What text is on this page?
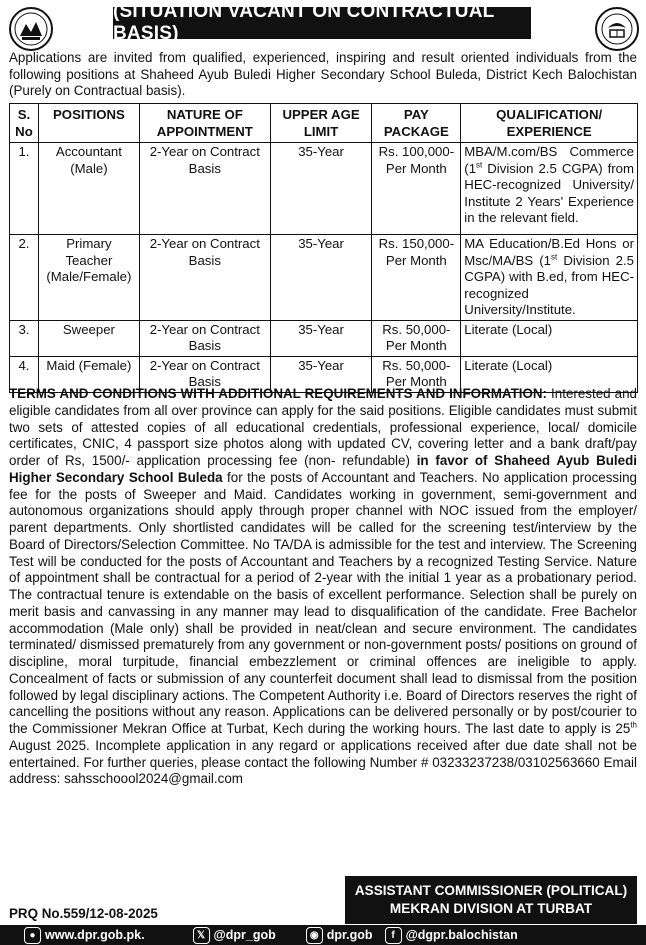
(SITUATION VACANT ON CONTRACTUAL BASIS)
Applications are invited from qualified, experienced, inspiring and result oriented individuals from the following positions at Shaheed Ayub Buledi Higher Secondary School Buleda, District Kech Balochistan (Purely on Contractual basis).
S. No	POSITIONS	NATURE OF APPOINTMENT	UPPER AGE LIMIT	PAY PACKAGE	QUALIFICATION/ EXPERIENCE
1.	Accountant (Male)	2-Year on Contract Basis	35-Year	Rs. 100,000- Per Month	MBA/M.com/BS Commerce (1st Division 2.5 CGPA) from HEC-recognized University/ Institute 2 Years' Experience in the relevant field.
2.	Primary Teacher (Male/Female)	2-Year on Contract Basis	35-Year	Rs. 150,000- Per Month	MA Education/B.Ed Hons or Msc/MA/BS (1st Division 2.5 CGPA) with B.ed, from HEC-recognized University/Institute.
3.	Sweeper	2-Year on Contract Basis	35-Year	Rs. 50,000- Per Month	Literate (Local)
4.	Maid (Female)	2-Year on Contract Basis	35-Year	Rs. 50,000- Per Month	Literate (Local)
TERMS AND CONDITIONS WITH ADDITIONAL REQUIREMENTS AND INFORMATION: Interested and eligible candidates from all over province can apply for the said positions. Eligible candidates must submit two sets of attested copies of all educational credentials, professional experience, local/ domicile certificates, CNIC, 4 passport size photos along with updated CV, covering letter and a bank draft/pay order of Rs, 1500/- application processing fee (non- refundable) in favor of Shaheed Ayub Buledi Higher Secondary School Buleda for the posts of Accountant and Teachers. No application processing fee for the posts of Sweeper and Maid. Candidates working in government, semi-government and autonomous organizations should apply through proper channel with NOC issued from the employer/ parent departments. Only shortlisted candidates will be called for the screening test/interview by the Board of Directors/Selection Committee. No TA/DA is admissible for the test and interview. The Screening Test will be conducted for the posts of Accountant and Teachers by a recognized Testing Service. Nature of appointment shall be contractual for a period of 2-year with the initial 1 year as a probationary period. The contractual tenure is extendable on the basis of excellent performance. Selection shall be purely on merit basis and canvassing in any manner may lead to disqualification of the candidate. Free Bachelor accommodation (Male only) shall be provided in neat/clean and secure environment. The candidates terminated/ dismissed prematurely from any government or non-government posts/ positions on ground of discipline, moral turpitude, financial embezzlement or criminal offences are ineligible to apply. Concealment of facts or submission of any counterfeit document shall lead to dismissal from the position followed by legal disciplinary actions. The Competent Authority i.e. Board of Directors reserves the right of cancelling the positions without any reason. Applications can be delivered personally or by post/courier to the Commissioner Mekran Office at Turbat, Kech during the working hours. The last date to apply is 25th August 2025. Incomplete application in any regard or applications received after due date shall not be entertained. For further queries, please contact the following Number # 03233237238/03102563660 Email address: sahsschoool2024@gmail.com
PRQ No.559/12-08-2025
ASSISTANT COMMISSIONER (POLITICAL)
MEKRAN DIVISION AT TURBAT
● www.dpr.gob.pk.	𝕏 @dpr_gob	◉ dpr.gob	f @dgpr.balochistan
